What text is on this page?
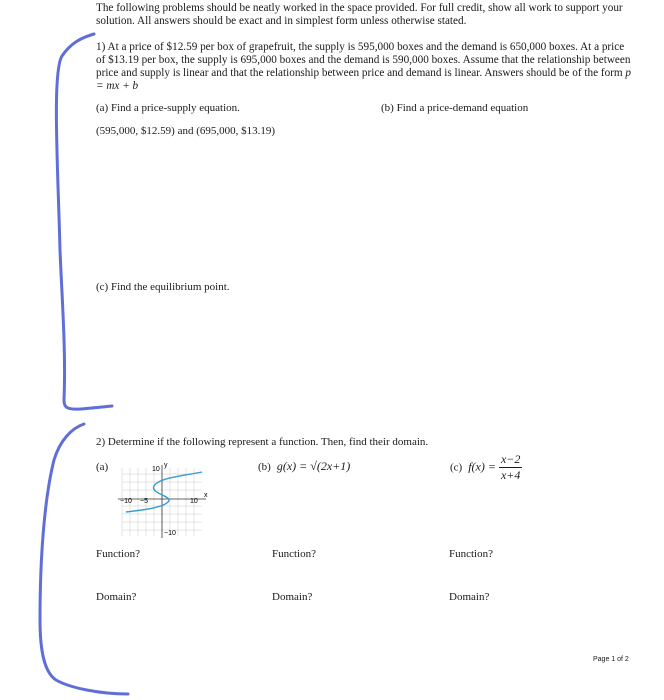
The following problems should be neatly worked in the space provided. For full credit, show all work to support your solution. All answers should be exact and in simplest form unless otherwise stated.
1) At a price of $12.59 per box of grapefruit, the supply is 595,000 boxes and the demand is 650,000 boxes. At a price of $13.19 per box, the supply is 695,000 boxes and the demand is 590,000 boxes. Assume that the relationship between price and supply is linear and that the relationship between price and demand is linear. Answers should be of the form p = mx + b
(a) Find a price-supply equation.	(b) Find a price-demand equation
(595,000, $12.59) and (695,000, $13.19)
(c) Find the equilibrium point.
2) Determine if the following represent a function. Then, find their domain.
(a)	(b) g(x) = √(2x+1)	(c) $f(x) = \frac{x-2}{x+4}$
y
x
10
−10 −5	10
−10
Function?	Function?	Function?
Domain?	Domain?	Domain?
Page 1 of 2
